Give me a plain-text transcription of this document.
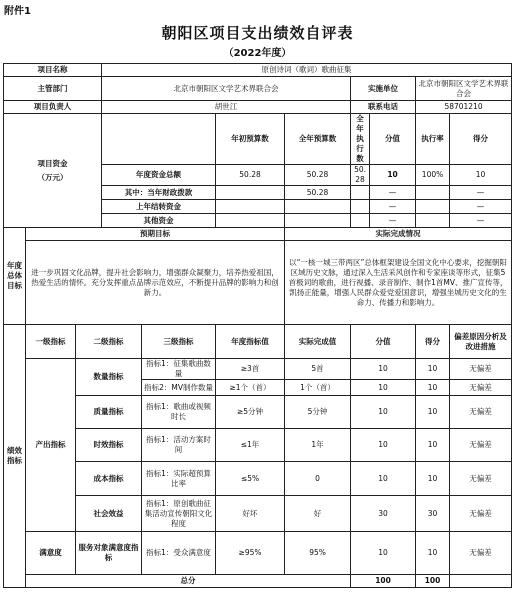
附件1
朝阳区项目支出绩效自评表
（2022年度）
项目名称			原创诗词（歌词）歌曲征集							
主管部门			北京市朝阳区文学艺术界联合会				实施单位		北京市朝阳区文学艺术界联合会	
项目负责人			胡世江				联系电话		58701210	

项目资金
（万元）					年初预算数	全年预算数	全年执行数	分值	执行率	得分
			年度资金总额		50.28	50.28	50.28	10	100%	10
			其中：当年财政拨款			50.28		—		—
			上年结转资金					—		—
			其他资金					—		—
年度总体目标	预期目标					实际完成情况				
	进一步巩固文化品牌，提升社会影响力，增强群众凝聚力，培养热爱祖国，热爱生活的情怀。充分发挥重点品牌示范效应，不断提升品牌的影响力和创新力。					以“一核一城三带两区”总体框架建设全国文化中心要求，挖掘朝阳区域历史文脉，通过深入生活采风创作和专家座谈等形式，征集5首极词的歌曲，进行视播、录音制作、制作1首MV、推广宣传等，凯扬正能量，增强人民群众爱党爱国意识，增强坐城历史文化的生命力、传播力和影响力。				
绩效指标	一级指标	二级指标		三级指标	年度指标值	实际完成值	分值		得分	偏差原因分析及改进措施
	产出指标	数量指标		指标1：征集歌曲数量	≥3首	5首	10		10	无偏差
				指标2：MV制作数量	≥1个（首）	1个（首）	10		10	无偏差
		质量指标		指标1：歌曲或视频时长	≥5分钟	5分钟	10		10	无偏差
		时效指标		指标1：活动方案时间	≤1年	1年	10		10	无偏差
		成本指标		指标1：实际超预算比率	≤5%	0	10		10	无偏差
		社会效益		指标1：原创歌曲征集活动宣传朝阳文化程度	好坏	好	30		30	无偏差
	满意度	服务对象满意度指标		指标1：受众满意度	≥95%	95%	10		10	无偏差
	总分						100		100	
